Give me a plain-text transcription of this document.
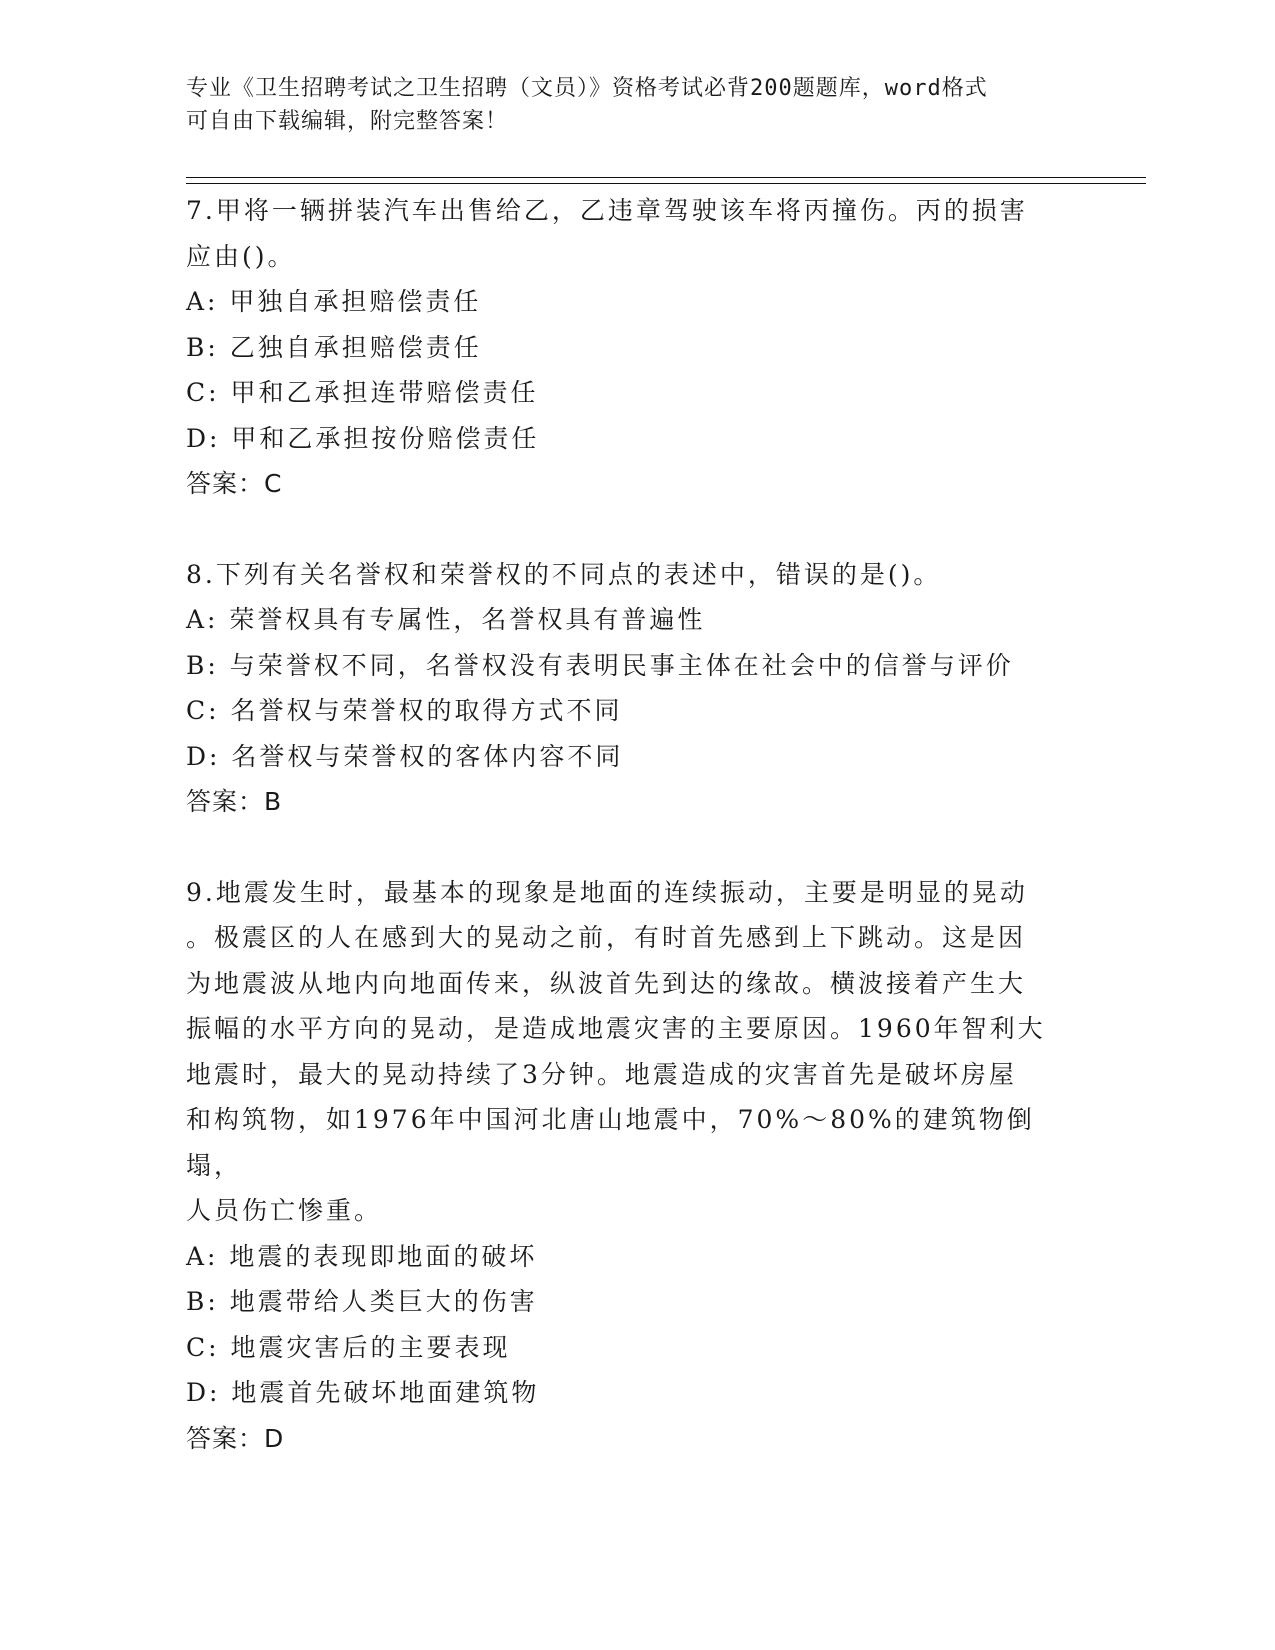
专业《卫生招聘考试之卫生招聘（文员）》资格考试必背200题题库，word格式
可自由下载编辑，附完整答案！

7.甲将一辆拼装汽车出售给乙，乙违章驾驶该车将丙撞伤。丙的损害

应由()。

A: 甲独自承担赔偿责任

B: 乙独自承担赔偿责任

C: 甲和乙承担连带赔偿责任

D: 甲和乙承担按份赔偿责任

答案：C

8.下列有关名誉权和荣誉权的不同点的表述中，错误的是()。

A: 荣誉权具有专属性，名誉权具有普遍性

B: 与荣誉权不同，名誉权没有表明民事主体在社会中的信誉与评价

C: 名誉权与荣誉权的取得方式不同

D: 名誉权与荣誉权的客体内容不同

答案：B

9.地震发生时，最基本的现象是地面的连续振动，主要是明显的晃动

。极震区的人在感到大的晃动之前，有时首先感到上下跳动。这是因

为地震波从地内向地面传来，纵波首先到达的缘故。横波接着产生大

振幅的水平方向的晃动，是造成地震灾害的主要原因。1960年智利大

地震时，最大的晃动持续了3分钟。地震造成的灾害首先是破坏房屋

和构筑物，如1976年中国河北唐山地震中，70%～80%的建筑物倒塌，

人员伤亡惨重。

A: 地震的表现即地面的破坏

B: 地震带给人类巨大的伤害

C: 地震灾害后的主要表现

D: 地震首先破坏地面建筑物

答案：D
